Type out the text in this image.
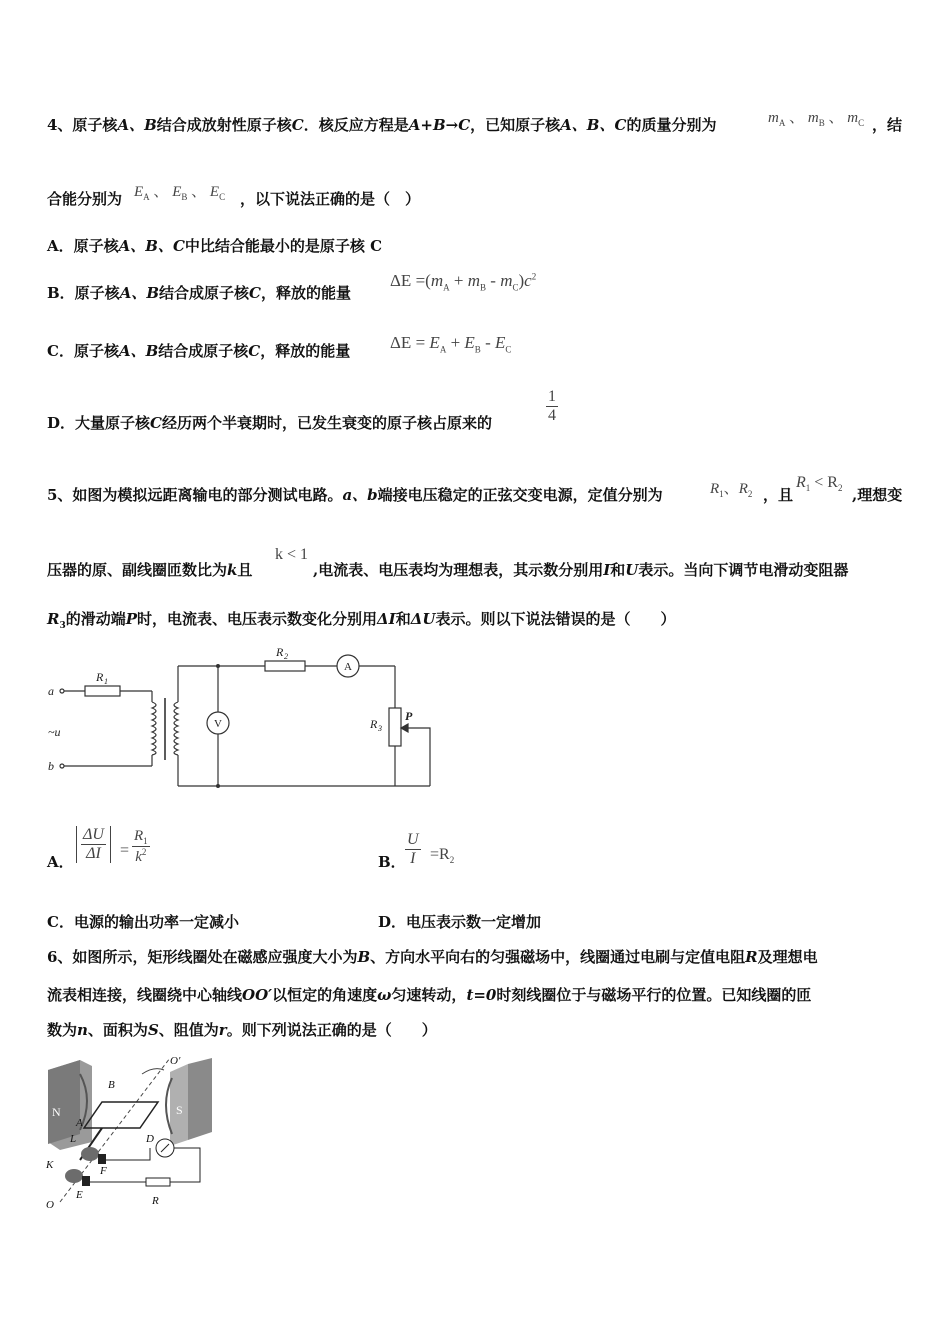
4、原子核A、B结合成放射性原子核C．核反应方程是A+B→C，已知原子核A、B、C的质量分别为	$m_A$ 、 $m_B$ 、 $m_C$ ，结
合能分别为 $E_A$ 、 $E_B$ 、 $E_C$ ，以下说法正确的是（　）
A．原子核A、B、C中比结合能最小的是原子核 C
B．原子核A、B结合成原子核C，释放的能量
$\Delta E =(m_A + m_B - m_C)c^2$
C．原子核A、B结合成原子核C，释放的能量 $\Delta E = E_A + E_B - E_C$
D．大量原子核C经历两个半衰期时，已发生衰变的原子核占原来的	$\frac{1}{4}$
5、如图为模拟远距离输电的部分测试电路。a、b端接电压稳定的正弦交变电源，定值分别为	$R_1$、$R_2$ ，且
$R_1 < R_2$ ,理想变
压器的原、副线圈匝数比为k且
k < 1
,电流表、电压表均为理想表，其示数分别用I和U表示。当向下调节电滑动变阻器
$R_3$的滑动端P时，电流表、电压表示数变化分别用ΔI和ΔU表示。则以下说法错误的是（　　）
a
b
~u
R 1
R 2
R 3
P
A
V
A． $\frac{\Delta U}{\Delta I} = \frac{R_1}{k^2}$	B． $\frac{U}{I} =R_2$
C．电源的输出功率一定减小	D．电压表示数一定增加
6、如图所示，矩形线圈处在磁感应强度大小为B、方向水平向右的匀强磁场中，线圈通过电刷与定值电阻R及理想电
流表相连接，线圈绕中心轴线OO′以恒定的角速度ω匀速转动，t=0时刻线圈位于与磁场平行的位置。已知线圈的匝
数为n、面积为S、阻值为r。则下列说法正确的是（　　）
N	S
B
A
D
L
K	F
E
O
O′
R
